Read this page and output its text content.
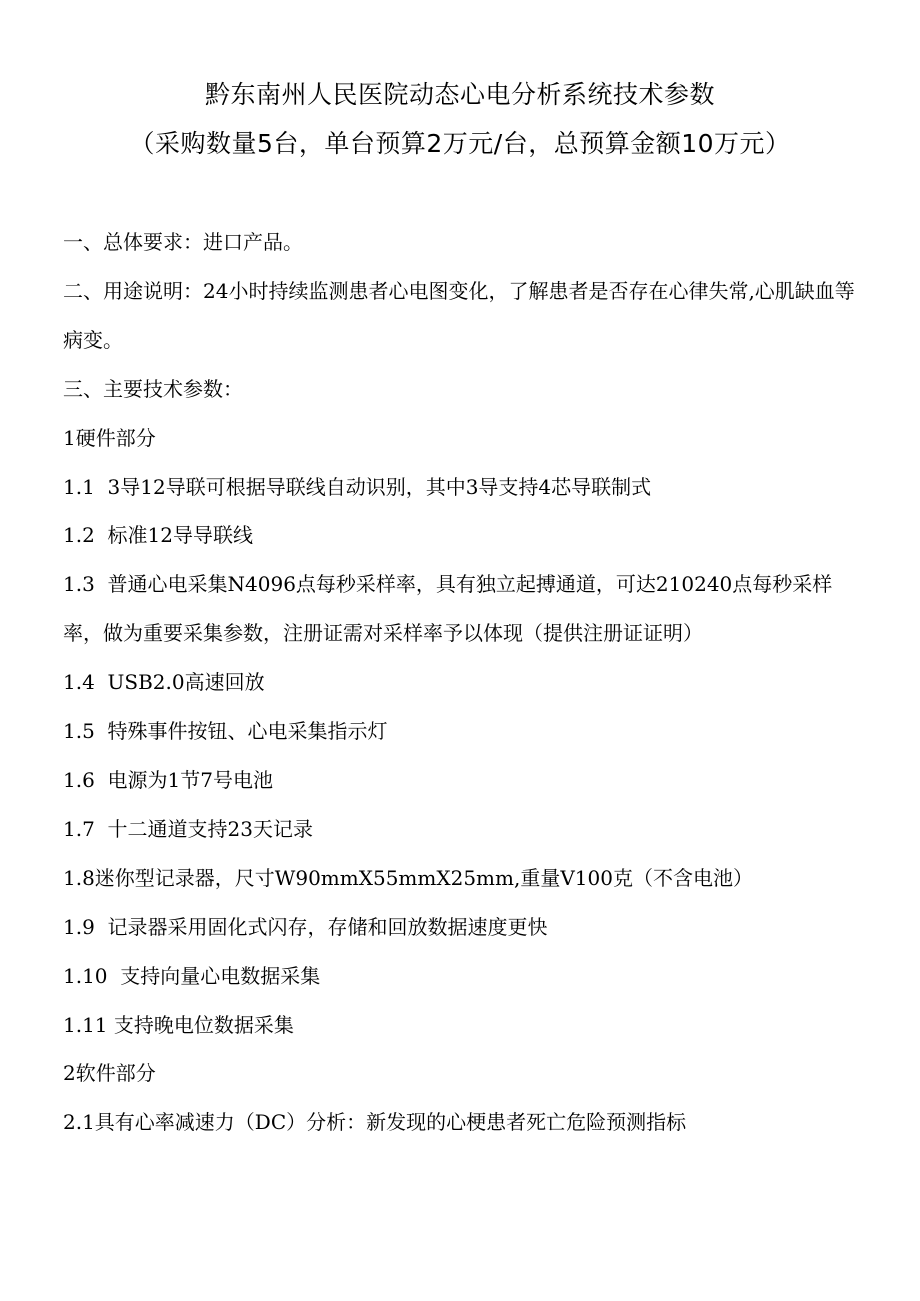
黔东南州人民医院动态心电分析系统技术参数
（采购数量5台，单台预算2万元/台，总预算金额10万元）

一、总体要求：进口产品。

二、用途说明：24小时持续监测患者心电图变化，了解患者是否存在心律失常,心肌缺血等病变。

三、主要技术参数：

1硬件部分

1.1  3导12导联可根据导联线自动识别，其中3导支持4芯导联制式

1.2  标准12导导联线

1.3  普通心电采集N4096点每秒采样率，具有独立起搏通道，可达210240点每秒采样率，做为重要采集参数，注册证需对采样率予以体现（提供注册证证明）

1.4  USB2.0高速回放

1.5  特殊事件按钮、心电采集指示灯

1.6  电源为1节7号电池

1.7  十二通道支持23天记录

1.8迷你型记录器，尺寸W90mmX55mmX25mm,重量V100克（不含电池）

1.9  记录器采用固化式闪存，存储和回放数据速度更快

1.10  支持向量心电数据采集

1.11 支持晚电位数据采集

2软件部分

2.1具有心率减速力（DC）分析：新发现的心梗患者死亡危险预测指标
